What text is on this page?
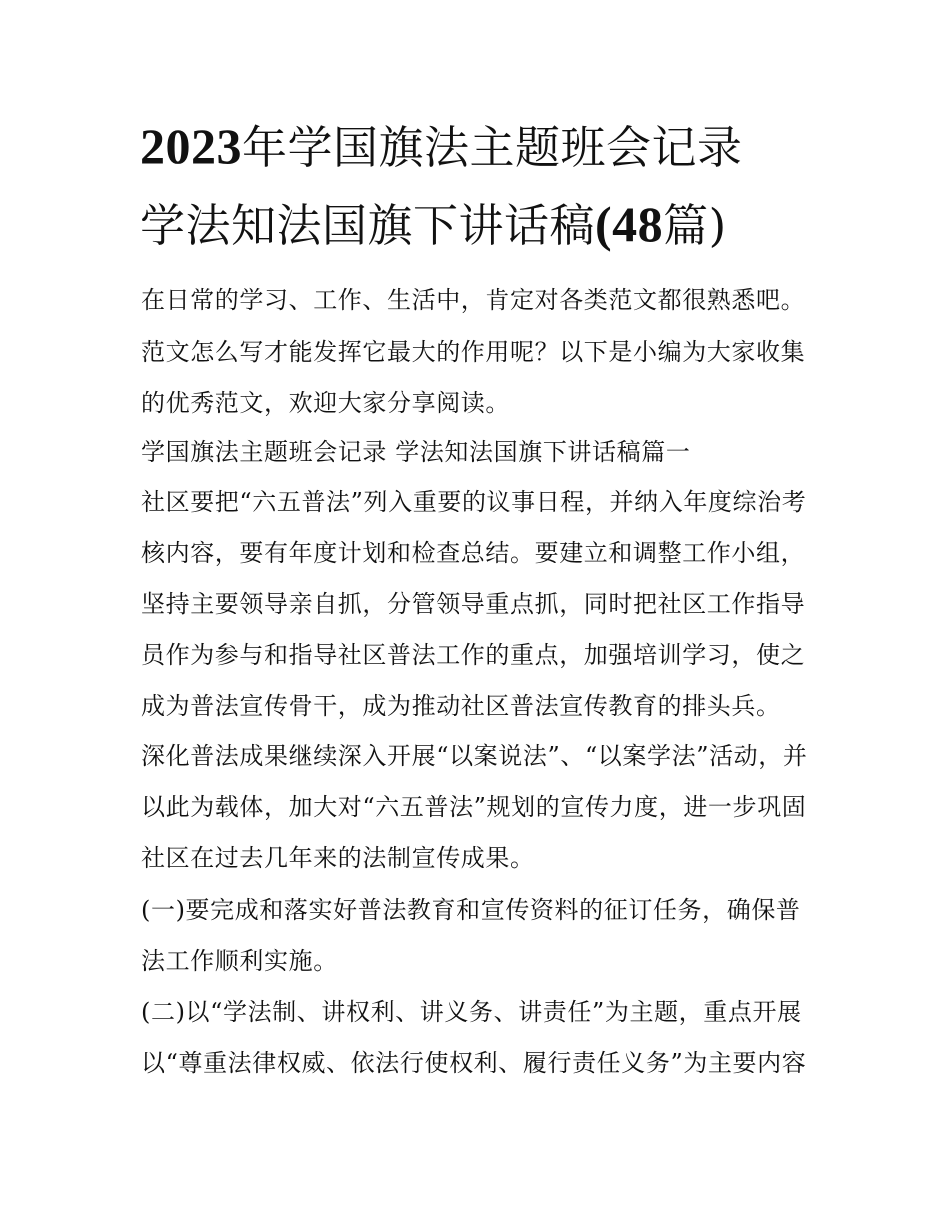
2023年学国旗法主题班会记录
学法知法国旗下讲话稿(48篇)

在日常的学习、工作、生活中，肯定对各类范文都很熟悉吧。

范文怎么写才能发挥它最大的作用呢？以下是小编为大家收集

的优秀范文，欢迎大家分享阅读。

学国旗法主题班会记录 学法知法国旗下讲话稿篇一

社区要把“六五普法”列入重要的议事日程，并纳入年度综治考

核内容，要有年度计划和检查总结。要建立和调整工作小组，

坚持主要领导亲自抓，分管领导重点抓，同时把社区工作指导

员作为参与和指导社区普法工作的重点，加强培训学习，使之

成为普法宣传骨干，成为推动社区普法宣传教育的排头兵。

深化普法成果继续深入开展“以案说法”、“以案学法”活动，并

以此为载体，加大对“六五普法”规划的宣传力度，进一步巩固

社区在过去几年来的法制宣传成果。

(一)要完成和落实好普法教育和宣传资料的征订任务，确保普

法工作顺利实施。

(二)以“学法制、讲权利、讲义务、讲责任”为主题，重点开展

以“尊重法律权威、依法行使权利、履行责任义务”为主要内容
